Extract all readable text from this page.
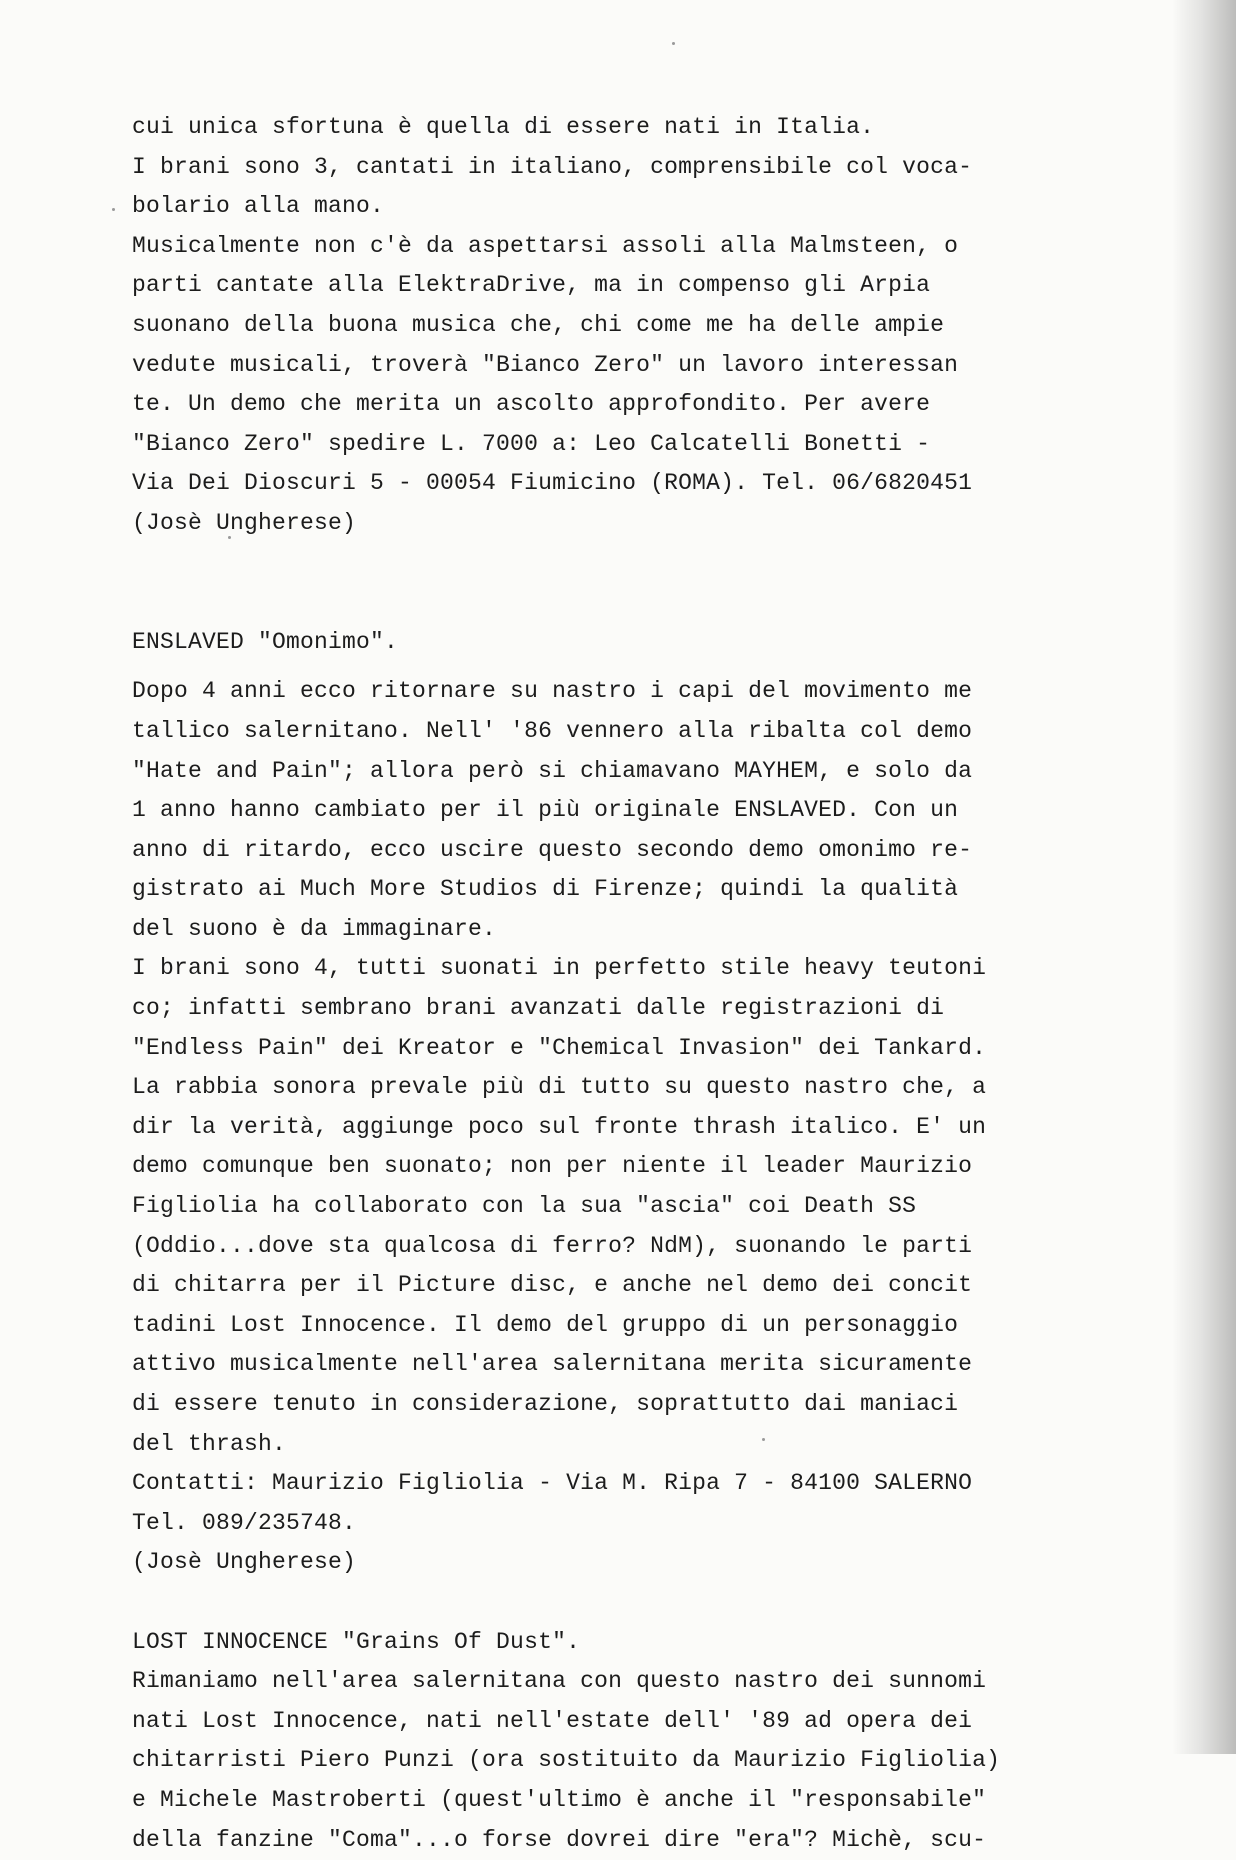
cui unica sfortuna è quella di essere nati in Italia.

I brani sono 3, cantati in italiano, comprensibile col voca-

bolario alla mano.

Musicalmente non c'è da aspettarsi assoli alla Malmsteen, o

parti cantate alla ElektraDrive, ma in compenso gli Arpia

suonano della buona musica che, chi come me ha delle ampie

vedute musicali, troverà "Bianco Zero" un lavoro interessan

te. Un demo che merita un ascolto approfondito. Per avere

"Bianco Zero" spedire L. 7000 a: Leo Calcatelli Bonetti -

Via Dei Dioscuri 5 - 00054 Fiumicino (ROMA). Tel. 06/6820451

(Josè Ungherese)

ENSLAVED "Omonimo".

Dopo 4 anni ecco ritornare su nastro i capi del movimento me

tallico salernitano. Nell' '86 vennero alla ribalta col demo

"Hate and Pain"; allora però si chiamavano MAYHEM, e solo da

1 anno hanno cambiato per il più originale ENSLAVED. Con un

anno di ritardo, ecco uscire questo secondo demo omonimo re-

gistrato ai Much More Studios di Firenze; quindi la qualità

del suono è da immaginare.

I brani sono 4, tutti suonati in perfetto stile heavy teutoni

co; infatti sembrano brani avanzati dalle registrazioni di

"Endless Pain" dei Kreator e "Chemical Invasion" dei Tankard.

La rabbia sonora prevale più di tutto su questo nastro che, a

dir la verità, aggiunge poco sul fronte thrash italico. E' un

demo comunque ben suonato; non per niente il leader Maurizio

Figliolia ha collaborato con la sua "ascia" coi Death SS

(Oddio...dove sta qualcosa di ferro? NdM), suonando le parti

di chitarra per il Picture disc, e anche nel demo dei concit

tadini Lost Innocence. Il demo del gruppo di un personaggio

attivo musicalmente nell'area salernitana merita sicuramente

di essere tenuto in considerazione, soprattutto dai maniaci

del thrash.

Contatti: Maurizio Figliolia - Via M. Ripa 7 - 84100 SALERNO

Tel. 089/235748.

(Josè Ungherese)

LOST INNOCENCE "Grains Of Dust".

Rimaniamo nell'area salernitana con questo nastro dei sunnomi

nati Lost Innocence, nati nell'estate dell' '89 ad opera dei

chitarristi Piero Punzi (ora sostituito da Maurizio Figliolia)

e Michele Mastroberti (quest'ultimo è anche il "responsabile"

della fanzine "Coma"...o forse dovrei dire "era"? Michè, scu-
